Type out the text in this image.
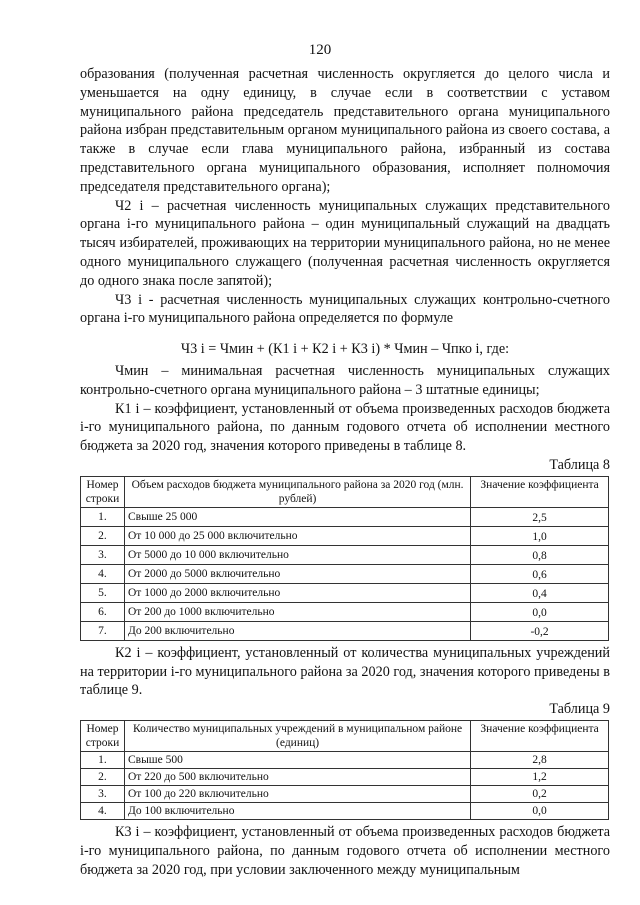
120

образования (полученная расчетная численность округляется до целого числа и уменьшается на одну единицу, в случае если в соответствии с уставом муниципального района председатель представительного органа муниципального района избран представительным органом муниципального района из своего состава, а также в случае если глава муниципального района, избранный из состава представительного органа муниципального образования, исполняет полномочия председателя представительного органа);

Ч2 i – расчетная численность муниципальных служащих представительного органа i-го муниципального района – один муниципальный служащий на двадцать тысяч избирателей, проживающих на территории муниципального района, но не менее одного муниципального служащего (полученная расчетная численность округляется до одного знака после запятой);

Ч3 i - расчетная численность муниципальных служащих контрольно-счетного органа i-го муниципального района определяется по формуле

Ч3 i = Чмин + (К1 i + К2 i + К3 i) * Чмин – Чпко i, где:

Чмин – минимальная расчетная численность муниципальных служащих контрольно-счетного органа муниципального района – 3 штатные единицы;

К1 i – коэффициент, установленный от объема произведенных расходов бюджета i-го муниципального района, по данным годового отчета об исполнении местного бюджета за 2020 год, значения которого приведены в таблице 8.

Таблица 8

Номер строки	Объем расходов бюджета муниципального района за 2020 год (млн. рублей)	Значение коэффициента
1.	Свыше 25 000	2,5
2.	От 10 000 до 25 000 включительно	1,0
3.	От 5000 до 10 000 включительно	0,8
4.	От 2000 до 5000 включительно	0,6
5.	От 1000 до 2000 включительно	0,4
6.	От 200 до 1000 включительно	0,0
7.	До 200 включительно	-0,2

К2 i – коэффициент, установленный от количества муниципальных учреждений на территории i-го муниципального района за 2020 год, значения которого приведены в таблице 9.

Таблица 9

Номер строки	Количество муниципальных учреждений в муниципальном районе (единиц)	Значение коэффициента
1.	Свыше 500	2,8
2.	От 220 до 500 включительно	1,2
3.	От 100 до 220 включительно	0,2
4.	До 100 включительно	0,0

К3 i – коэффициент, установленный от объема произведенных расходов бюджета i-го муниципального района, по данным годового отчета об исполнении местного бюджета за 2020 год, при условии заключенного между муниципальным
